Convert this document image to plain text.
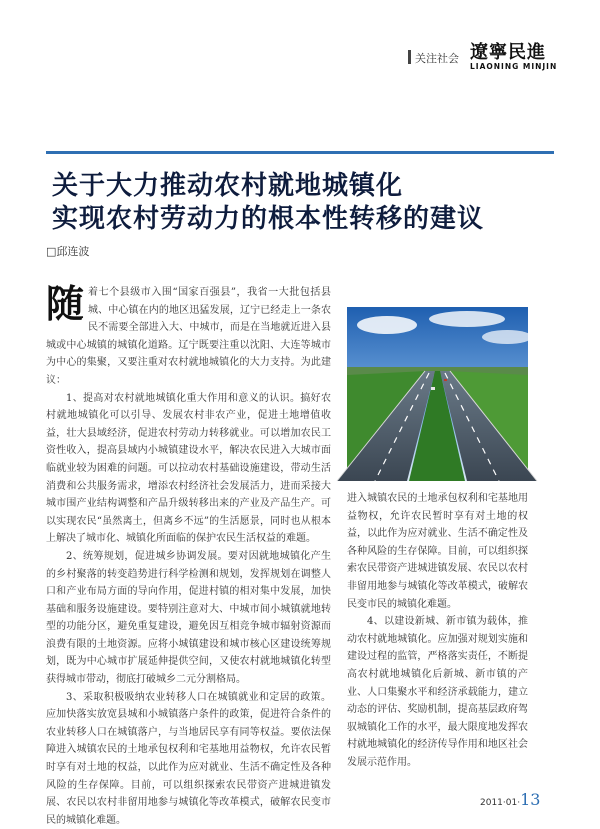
关注社会 遼寧民進
LIAONING MINJIN
关于大力推动农村就地城镇化
实现农村劳动力的根本性转移的建议
□邱连波

随着七个县级市入围“国家百强县”，我省一大批包括县城、中心镇在内的地区迅猛发展，辽宁已经走上一条农民不需要全部进入大、中城市，而是在当地就近进入县城或中心城镇的城镇化道路。辽宁既要注重以沈阳、大连等城市为中心的集聚，又要注重对农村就地城镇化的大力支持。为此建议：

1、提高对农村就地城镇化重大作用和意义的认识。搞好农村就地城镇化可以引导、发展农村非农产业，促进土地增值收益，壮大县域经济，促进农村劳动力转移就业。可以增加农民工资性收入，提高县域内小城镇建设水平，解决农民进入大城市面临就业较为困难的问题。可以拉动农村基础设施建设，带动生活消费和公共服务需求，增添农村经济社会发展活力，进而采接大城市围产业结构调整和产品升级转移出来的产业及产品生产。可以实现农民“虽然离土，但离乡不远”的生活愿景，同时也从根本上解决了城市化、城镇化所面临的保护农民生活权益的难题。

2、统筹规划，促进城乡协调发展。要对因就地城镇化产生的乡村聚落的转变趋势进行科学检测和规划，发挥规划在调整人口和产业布局方面的导向作用，促进村镇的相对集中发展，加快基础和服务设施建设。要特别注意对大、中城市间小城镇就地转型的功能分区，避免重复建设，避免因互相竞争城市辐射资源而浪费有限的土地资源。应将小城镇建设和城市核心区建设统筹规划，既为中心城市扩展延伸提供空间，又使农村就地城镇化转型获得城市带动，彻底打破城乡二元分割格局。

3、采取积极吸纳农业转移人口在城镇就业和定居的政策。应加快落实放宽县城和小城镇落户条件的政策，促进符合条件的农业转移人口在城镇落户，与当地居民享有同等权益。要依法保障进入城镇农民的土地承包权利和宅基地用益物权，允许农民暂时享有对土地的权益，以此作为应对就业、生活不确定性及各种风险的生存保障。目前，可以组织探索农民带资产进城进镇发展、农民以农村非留用地参与城镇化等改革模式，破解农民变市民的城镇化难题。

进入城镇农民的土地承包权利和宅基地用益物权，允许农民暂时享有对土地的权益，以此作为应对就业、生活不确定性及各种风险的生存保障。目前，可以组织探索农民带资产进城进镇发展、农民以农村非留用地参与城镇化等改革模式，破解农民变市民的城镇化难题。

4、以建设新城、新市镇为载体，推动农村就地城镇化。应加强对规划实施和建设过程的监管，严格落实责任，不断提高农村就地城镇化后新城、新市镇的产业、人口集聚水平和经济承载能力，建立动态的评估、奖励机制，提高基层政府驾驭城镇化工作的水平，最大限度地发挥农村就地城镇化的经济传导作用和地区社会发展示范作用。

2011·01·13
